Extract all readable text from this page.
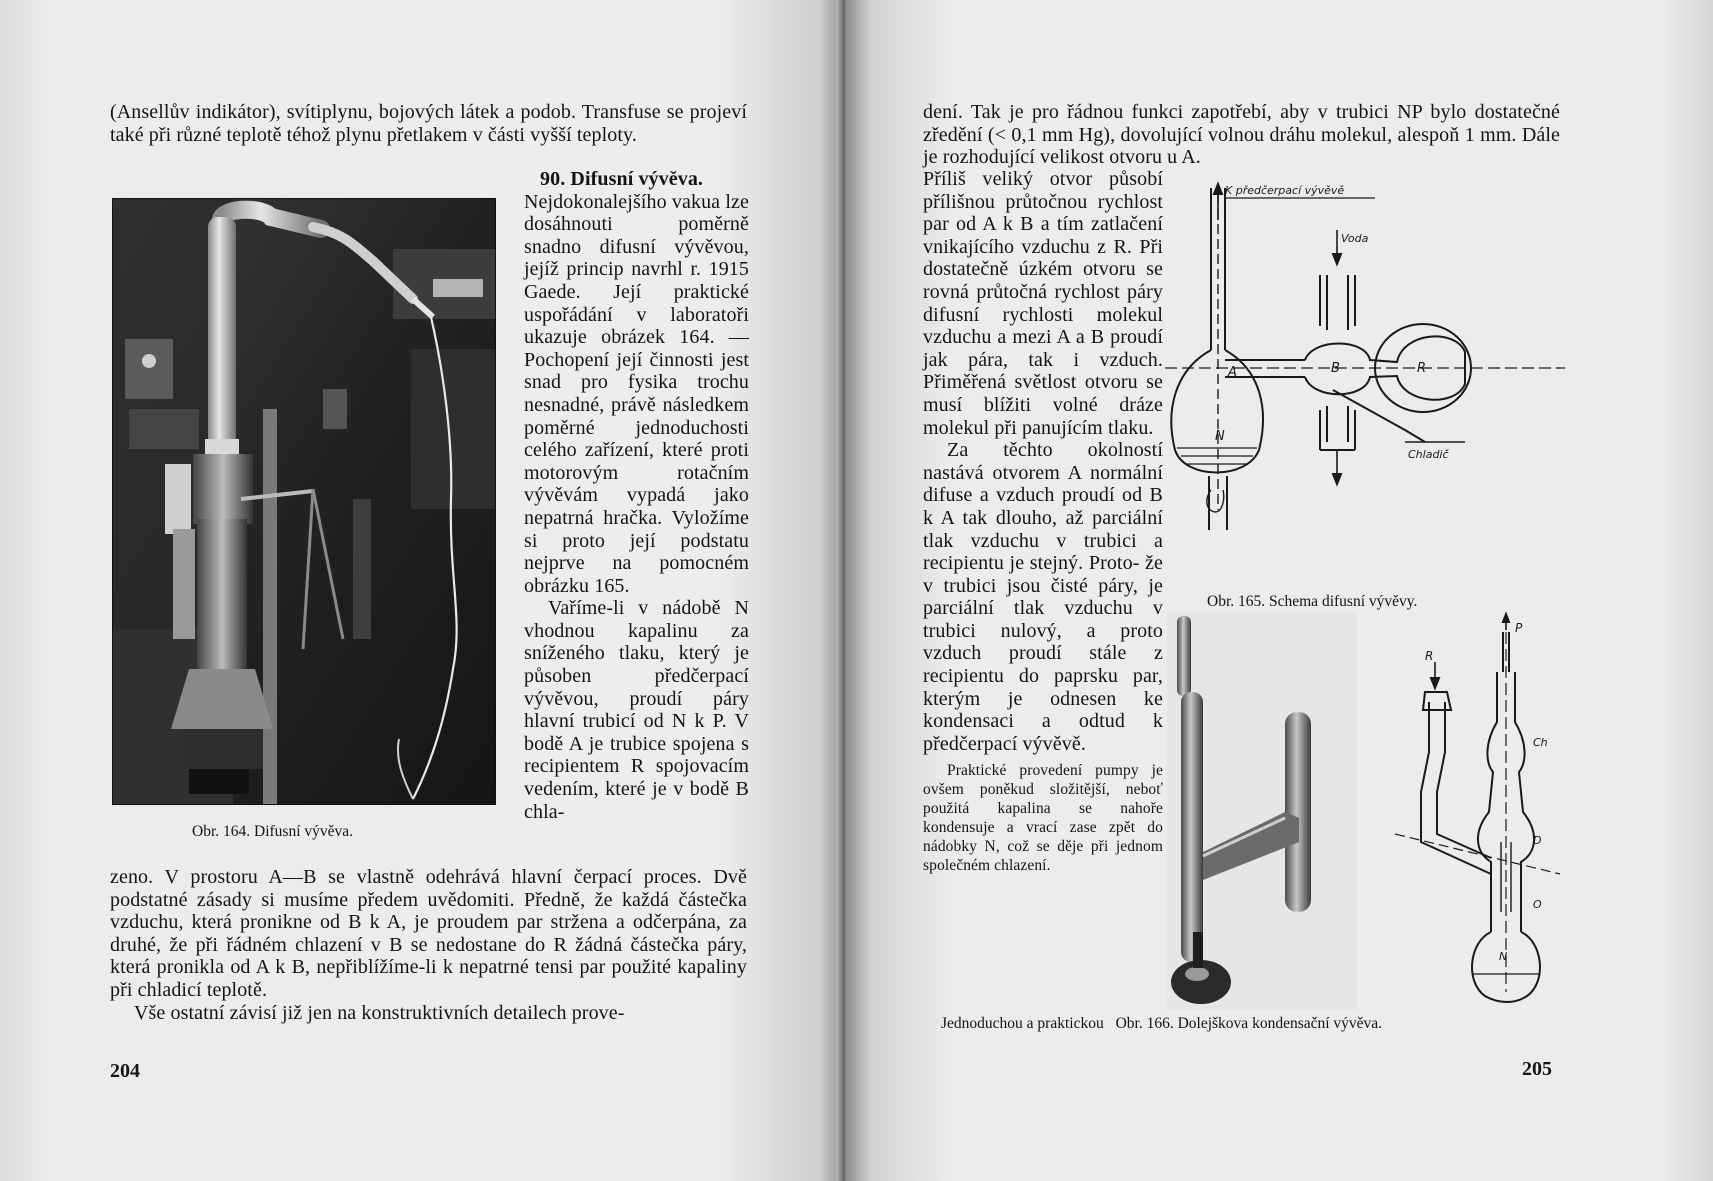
(Ansellův indikátor), svítiplynu, bojových látek a podob. Transfuse se projeví také při různé teplotě téhož plynu přetlakem v části vyšší teploty.

Obr. 164. Difusní vývěva.

90. Difusní vývěva.

Nejdokonalejšího vakua lze dosáhnouti poměrně snadno difusní vývěvou, jejíž princip navrhl r. 1915 Gaede. Její praktické uspořádání v laboratoři ukazuje obrázek 164. — Pochopení její činnosti jest snad pro fysika trochu nesnadné, právě následkem poměrné jednoduchosti celého zařízení, které proti motorovým rotačním vývěvám vypadá jako nepatrná hračka. Vyložíme si proto její podstatu nejprve na pomocném obrázku 165.

Vaříme-li v nádobě N vhodnou kapalinu za sníženého tlaku, který je působen předčerpací vývěvou, proudí páry hlavní trubicí od N k P. V bodě A je trubice spojena s recipientem R spojovacím vedením, které je v bodě B chla-

zeno. V prostoru A—B se vlastně odehrává hlavní čerpací proces. Dvě podstatné zásady si musíme předem uvědomiti. Předně, že každá částečka vzduchu, která pronikne od B k A, je proudem par stržena a odčerpána, za druhé, že při řádném chlazení v B se nedostane do R žádná částečka páry, která pronikla od A k B, nepřiblížíme-li k nepatrné tensi par použité kapaliny při chladicí teplotě.

Vše ostatní závisí již jen na konstruktivních detailech prove-

204

dení. Tak je pro řádnou funkci zapotřebí, aby v trubici NP bylo dostatečné zředění (< 0,1 mm Hg), dovolující volnou dráhu molekul, alespoň 1 mm. Dále je rozhodující velikost otvoru u A.

Příliš veliký otvor působí přílišnou průtočnou rychlost par od A k B a tím zatlačení vnikajícího vzduchu z R. Při dostatečně úzkém otvoru se rovná průtočná rychlost páry difusní rychlosti molekul vzduchu a mezi A a B proudí jak pára, tak i vzduch. Přiměřená světlost otvoru se musí blížiti volné dráze molekul při panujícím tlaku.

Za těchto okolností nastává otvorem A normální difuse a vzduch proudí od B k A tak dlouho, až parciální tlak vzduchu v trubici a recipientu je stejný. Proto- že v trubici jsou čisté páry, je parciální tlak vzduchu v trubici nulový, a proto vzduch proudí stále z recipientu do paprsku par, kterým je odnesen ke kondensaci a odtud k předčerpací vývěvě.

Praktické provedení pumpy je ovšem poněkud složitější, neboť použitá kapalina se nahoře kondensuje a vrací zase zpět do nádobky N, což se děje při jednom společném chlazení.

K předčerpací vývěvě
Voda
A	B	R
N
Chladič
Obr. 165. Schema difusní vývěvy.
P
R
Ch
D
O
N
Jednoduchou a praktickou Obr. 166. Dolejškova kondensační vývěva.
205
